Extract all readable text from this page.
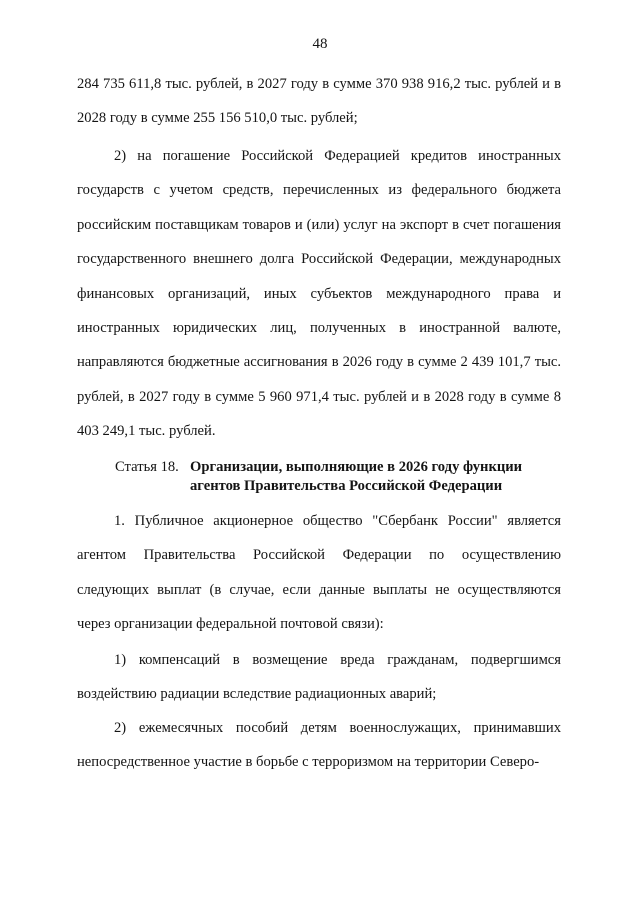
48

284 735 611,8 тыс. рублей, в 2027 году в сумме 370 938 916,2 тыс. рублей и в 2028 году в сумме 255 156 510,0 тыс. рублей;

2) на погашение Российской Федерацией кредитов иностранных государств с учетом средств, перечисленных из федерального бюджета российским поставщикам товаров и (или) услуг на экспорт в счет погашения государственного внешнего долга Российской Федерации, международных финансовых организаций, иных субъектов международного права и иностранных юридических лиц, полученных в иностранной валюте, направляются бюджетные ассигнования в 2026 году в сумме 2 439 101,7 тыс. рублей, в 2027 году в сумме 5 960 971,4 тыс. рублей и в 2028 году в сумме 8 403 249,1 тыс. рублей.

Статья 18. Организации, выполняющие в 2026 году функции агентов Правительства Российской Федерации

1. Публичное акционерное общество "Сбербанк России" является агентом Правительства Российской Федерации по осуществлению следующих выплат (в случае, если данные выплаты не осуществляются через организации федеральной почтовой связи):

1) компенсаций в возмещение вреда гражданам, подвергшимся воздействию радиации вследствие радиационных аварий;

2) ежемесячных пособий детям военнослужащих, принимавших непосредственное участие в борьбе с терроризмом на территории Северо-
